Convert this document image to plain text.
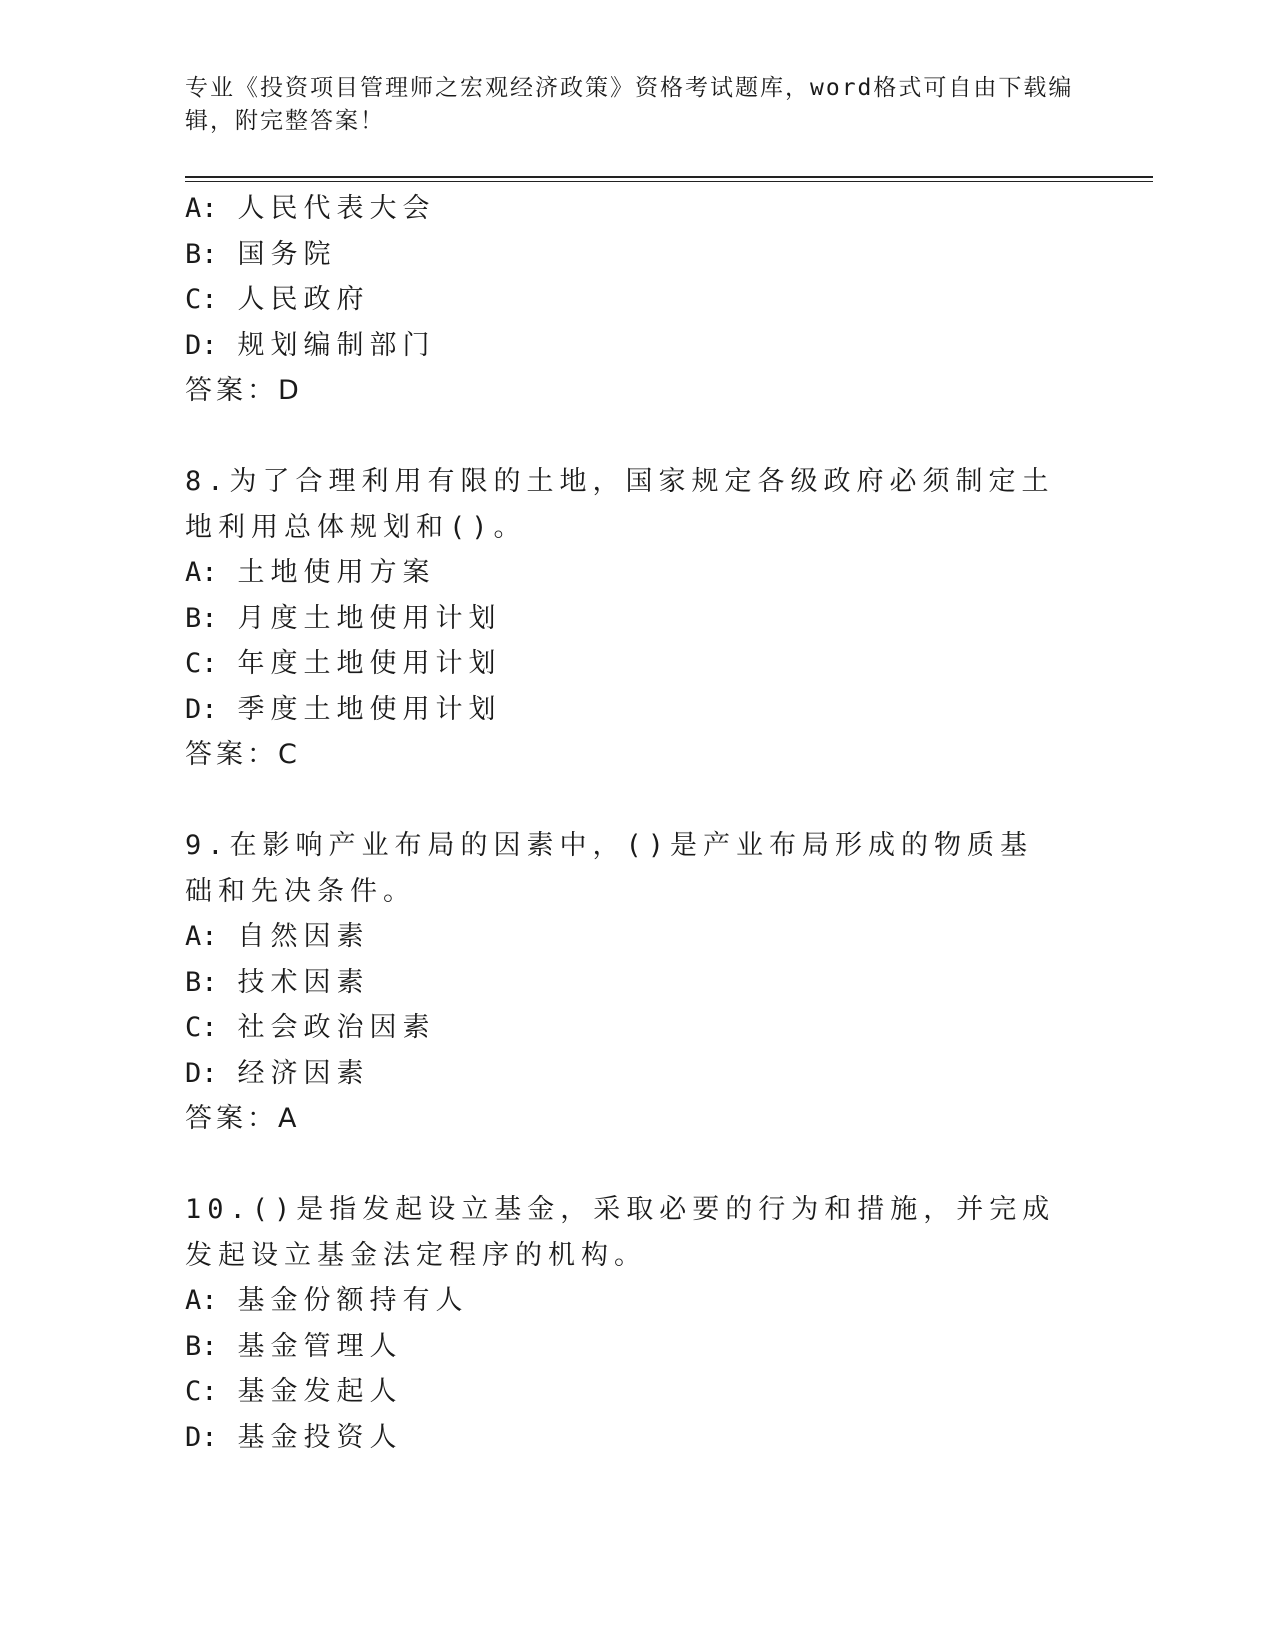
专业《投资项目管理师之宏观经济政策》资格考试题库，word格式可自由下载编辑，附完整答案！
A: 人民代表大会
B: 国务院
C: 人民政府
D: 规划编制部门
答案：D
8.为了合理利用有限的土地，国家规定各级政府必须制定土地利用总体规划和()。
A: 土地使用方案
B: 月度土地使用计划
C: 年度土地使用计划
D: 季度土地使用计划
答案：C
9.在影响产业布局的因素中，()是产业布局形成的物质基础和先决条件。
A: 自然因素
B: 技术因素
C: 社会政治因素
D: 经济因素
答案：A
10.()是指发起设立基金，采取必要的行为和措施，并完成发起设立基金法定程序的机构。
A: 基金份额持有人
B: 基金管理人
C: 基金发起人
D: 基金投资人
